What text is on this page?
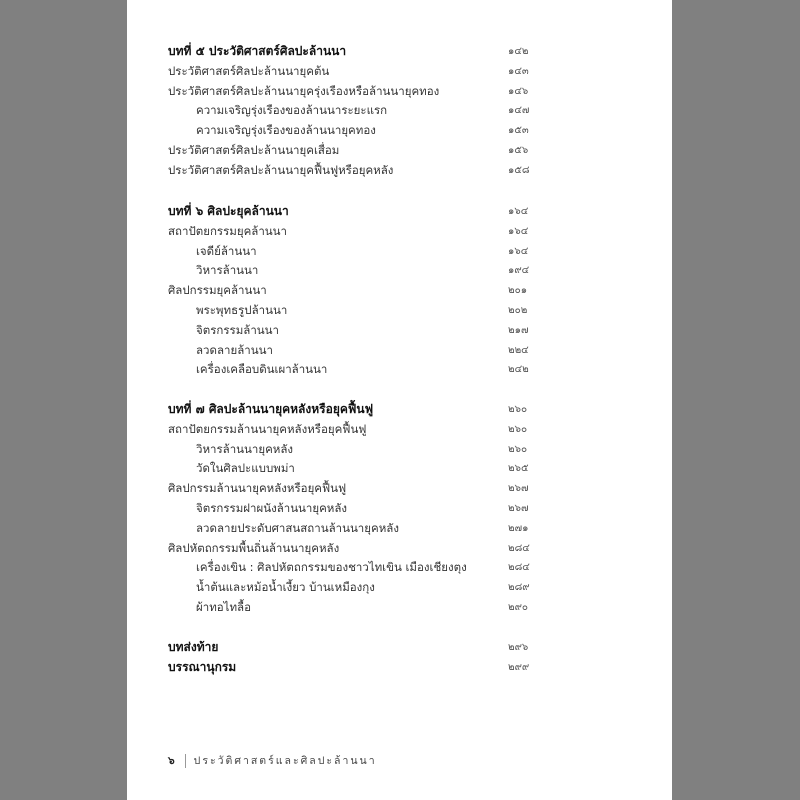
บทที่ ๕ ประวัติศาสตร์ศิลปะล้านนา	๑๔๒
ประวัติศาสตร์ศิลปะล้านนายุคต้น	๑๔๓
ประวัติศาสตร์ศิลปะล้านนายุครุ่งเรืองหรือล้านนายุคทอง	๑๔๖
ความเจริญรุ่งเรืองของล้านนาระยะแรก	๑๔๗
ความเจริญรุ่งเรืองของล้านนายุคทอง	๑๕๓
ประวัติศาสตร์ศิลปะล้านนายุคเสื่อม	๑๕๖
ประวัติศาสตร์ศิลปะล้านนายุคฟื้นฟูหรือยุคหลัง	๑๕๘
บทที่ ๖ ศิลปะยุคล้านนา	๑๖๔
สถาปัตยกรรมยุคล้านนา	๑๖๔
เจดีย์ล้านนา	๑๖๔
วิหารล้านนา	๑๙๔
ศิลปกรรมยุคล้านนา	๒๐๑
พระพุทธรูปล้านนา	๒๐๒
จิตรกรรมล้านนา	๒๑๗
ลวดลายล้านนา	๒๒๔
เครื่องเคลือบดินเผาล้านนา	๒๔๒
บทที่ ๗ ศิลปะล้านนายุคหลังหรือยุคฟื้นฟู	๒๖๐
สถาปัตยกรรมล้านนายุคหลังหรือยุคฟื้นฟู	๒๖๐
วิหารล้านนายุคหลัง	๒๖๐
วัดในศิลปะแบบพม่า	๒๖๕
ศิลปกรรมล้านนายุคหลังหรือยุคฟื้นฟู	๒๖๗
จิตรกรรมฝาผนังล้านนายุคหลัง	๒๖๗
ลวดลายประดับศาสนสถานล้านนายุคหลัง	๒๗๑
ศิลปหัตถกรรมพื้นถิ่นล้านนายุคหลัง	๒๘๔
เครื่องเขิน : ศิลปหัตถกรรมของชาวไทเขิน เมืองเชียงตุง	๒๘๔
น้ำต้นและหม้อน้ำเงี้ยว บ้านเหมืองกุง	๒๘๙
ผ้าทอไทลื้อ	๒๙๐
บทส่งท้าย	๒๙๖
บรรณานุกรม	๒๙๙
๖ ประวัติศาสตร์และศิลปะล้านนา
